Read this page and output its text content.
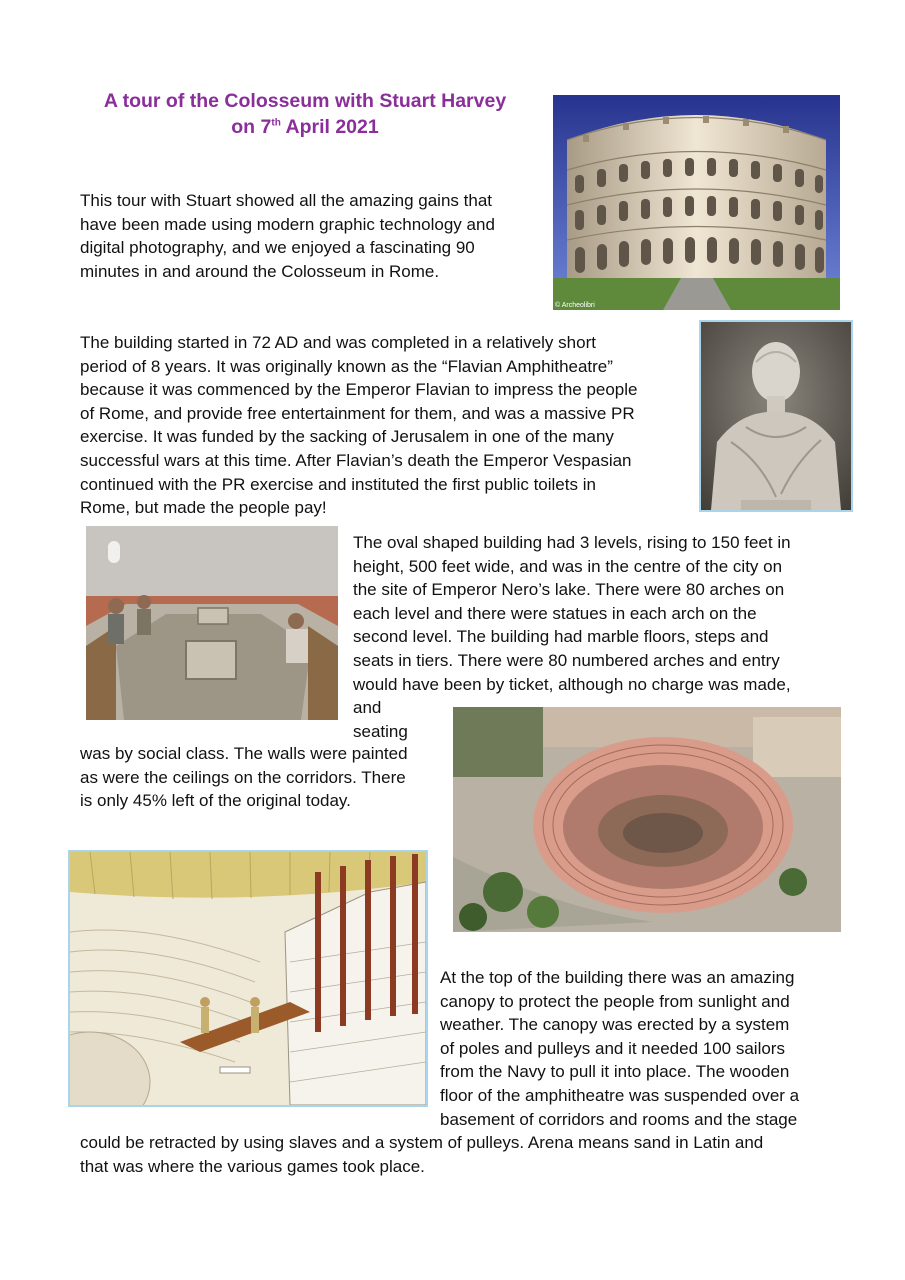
A tour of the Colosseum with Stuart Harvey
on 7th April 2021
© Archeolibri
This tour with Stuart showed all the amazing gains that
have been made using modern graphic technology and
digital photography, and we enjoyed a fascinating 90
minutes in and around the Colosseum in Rome.
The building started in 72 AD and was completed in a relatively short
period of 8 years. It was originally known as the “Flavian Amphitheatre”
because it was commenced by the Emperor Flavian to impress the people
of Rome, and provide free entertainment for them, and was a massive PR
exercise. It was funded by the sacking of Jerusalem in one of the many
successful wars at this time. After Flavian’s death the Emperor Vespasian
continued with the PR exercise and instituted the first public toilets in
Rome, but made the people pay!
The oval shaped building had 3 levels, rising to 150 feet in
height, 500 feet wide, and was in the centre of the city on
the site of Emperor Nero’s lake. There were 80 arches on
each level and there were statues in each arch on the
second level. The building had marble floors, steps and
seats in tiers. There were 80 numbered arches and entry
would have been by ticket, although no charge was made,
and
seating
was by social class. The walls were painted
as were the ceilings on the corridors. There
is only 45% left of the original today.
At the top of the building there was an amazing
canopy to protect the people from sunlight and
weather. The canopy was erected by a system
of poles and pulleys and it needed 100 sailors
from the Navy to pull it into place. The wooden
floor of the amphitheatre was suspended over a
basement of corridors and rooms and the stage
could be retracted by using slaves and a system of pulleys. Arena means sand in Latin and
that was where the various games took place.
